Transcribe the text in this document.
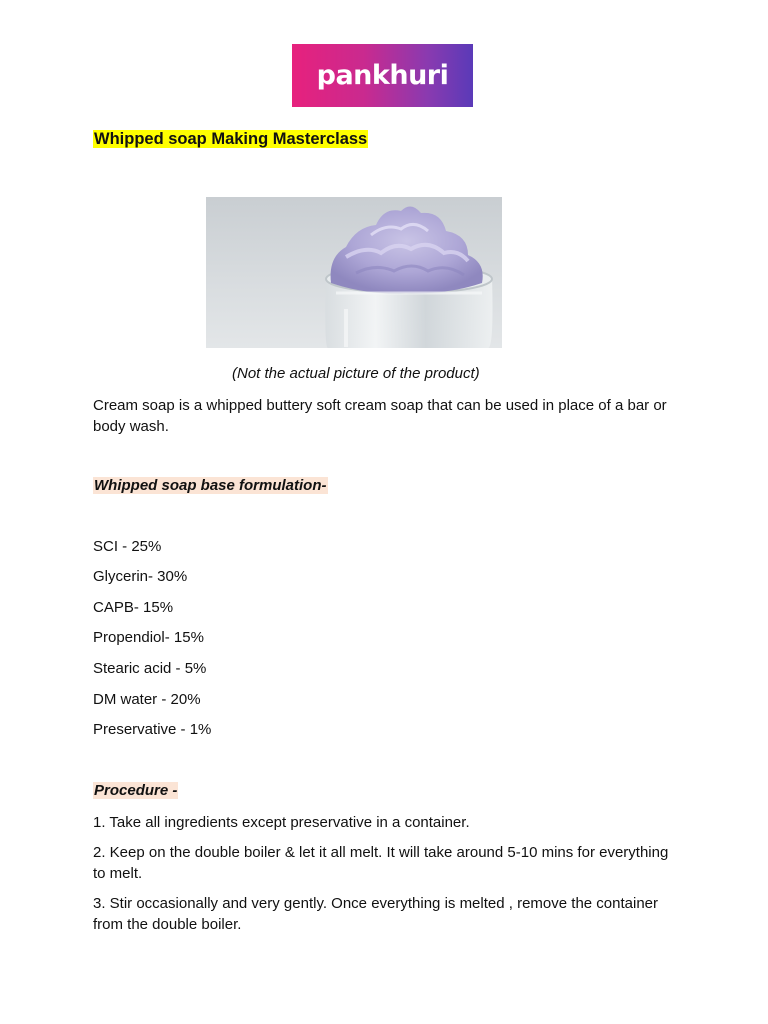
pankhuri
Whipped soap Making Masterclass
(Not the actual picture of the product)
Cream soap is a whipped buttery soft cream soap that can be used in place of a bar or body wash.
Whipped soap base formulation-
SCI - 25%
Glycerin- 30%
CAPB- 15%
Propendiol- 15%
Stearic acid - 5%
DM water - 20%
Preservative - 1%
Procedure -
1. Take all ingredients except preservative in a container.
2. Keep on the double boiler & let it all melt. It will take around 5-10 mins for everything to melt.
3. Stir occasionally and very gently. Once everything is melted , remove the container from the double boiler.
